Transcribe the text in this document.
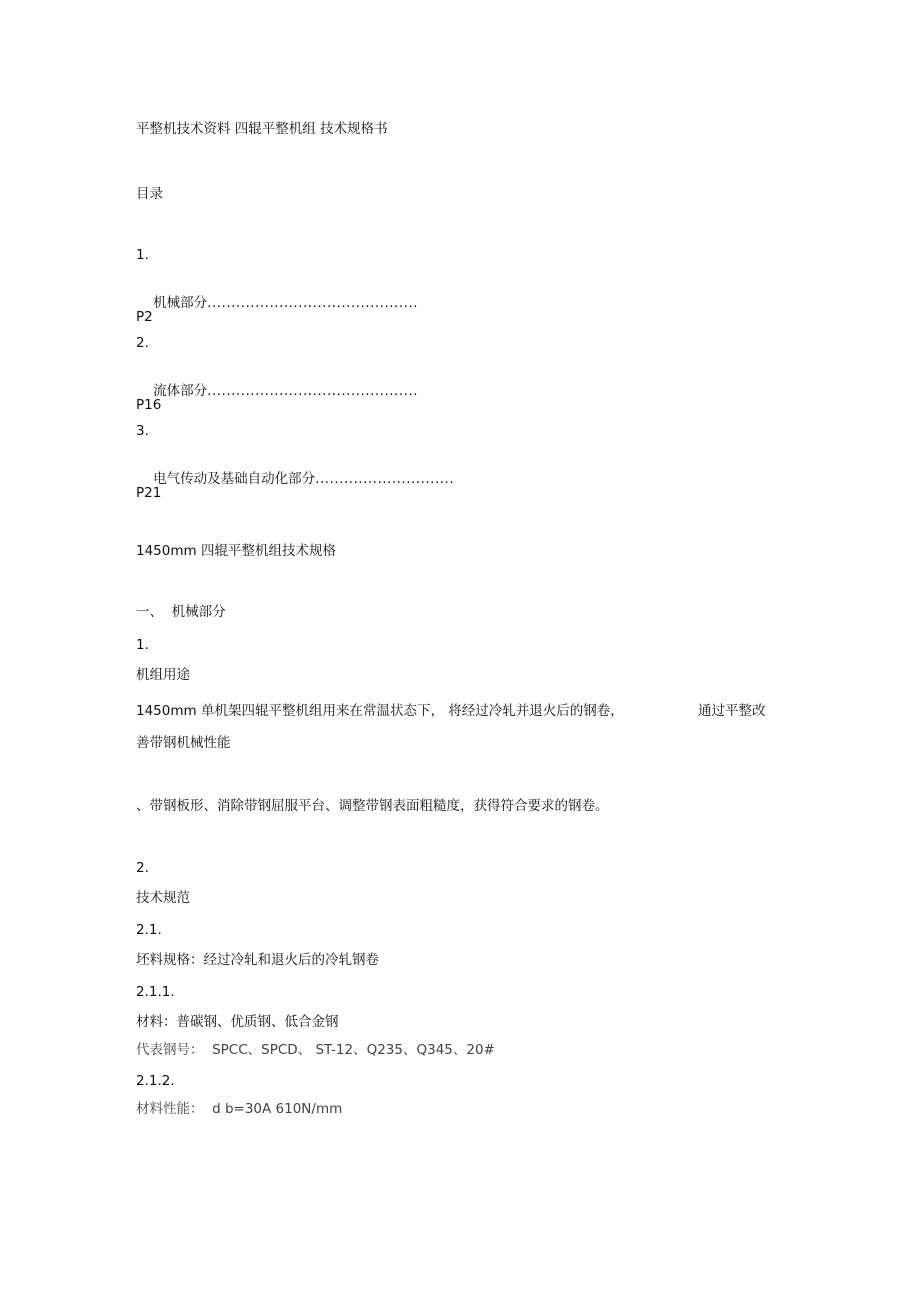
平整机技术资料 四辊平整机组 技术规格书
目录
1.

机械部分............................................

P2
2.

流体部分............................................

P16
3.

电气传动及基础自动化部分.............................

P21
1450mm 四辊平整机组技术规格
一、  机械部分
1.
机组用途
1450mm 单机架四辊平整机组用来在常温状态下， 将经过冷轧并退火后的钢卷，	通过平整改
善带钢机械性能
、带钢板形、消除带钢屈服平台、调整带钢表面粗糙度，获得符合要求的钢卷。
2.
技术规范
2.1.
坯料规格：经过冷轧和退火后的冷轧钢卷
2.1.1.
材料：普碳钢、优质钢、低合金钢
代表钢号：  SPCC、SPCD、 ST-12、Q235、Q345、20#
2.1.2.
材料性能：  d b=30A 610N/mm
